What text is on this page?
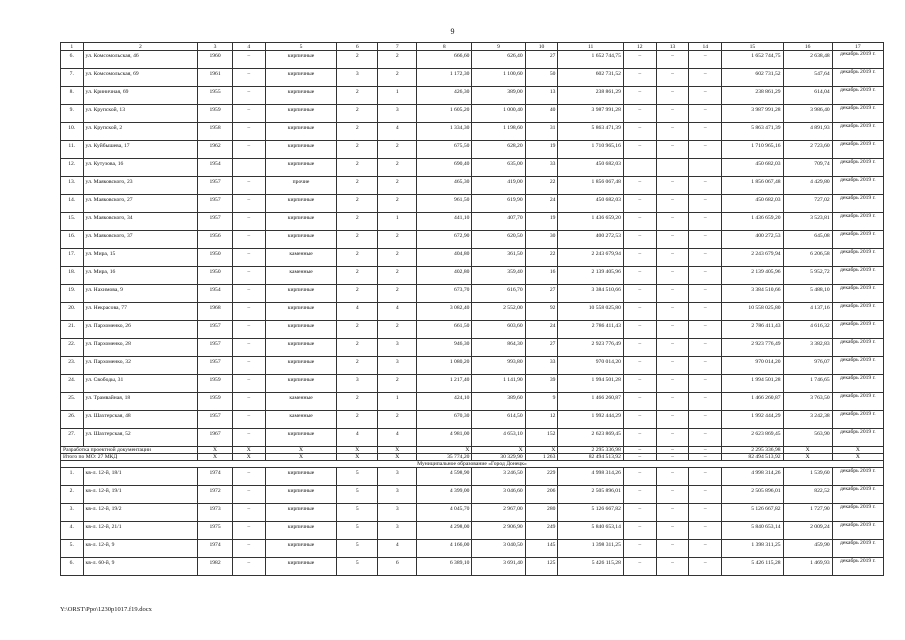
9
1	2	3	4	5	6	7	8	9	10	11	12	13	14	15	16	17
6.	ул. Комсомольская, 46	1960	–	кирпичные	2	2	666,60	626,40	27	1 652 744,75	–	–	–	1 652 744,75	2 638,48	декабрь 2019 г.
7.	ул. Комсомольская, 69	1961	–	кирпичные	3	2	1 172,30	1 100,60	50	602 731,52	–	–	–	602 731,52	547,64	декабрь 2019 г.
8.	ул. Криничная, 69	1955	–	кирпичные	2	1	426,30	389,00	13	238 861,29	–	–	–	238 861,29	614,04	декабрь 2019 г.
9.	ул. Крупской, 13	1959	–	кирпичные	2	3	1 605,20	1 000,40	40	3 987 991,28	–	–	–	3 987 991,28	3 986,40	декабрь 2019 г.
10.	ул. Крупской, 2	1958	–	кирпичные	2	4	1 334,30	1 198,60	31	5 863 471,39	–	–	–	5 863 471,39	4 891,93	декабрь 2019 г.
11.	ул. Куйбышева, 17	1962	–	кирпичные	2	2	675,50	628,20	19	1 710 965,16	–	–	–	1 710 965,16	2 723,60	декабрь 2019 г.
12.	ул. Кутузова, 16	1954		кирпичные	2	2	690,40	635,00	33	450 682,03				450 682,03	709,74	декабрь 2019 г.
13.	ул. Маяковского, 23	1957	–	прочие	2	2	465,30	419,00	22	1 856 067,48	–	–	–	1 856 067,48	4 429,80	декабрь 2019 г.
14.	ул. Маяковского, 27	1957	–	кирпичные	2	2	961,50	619,90	24	450 682,03	–	–	–	450 682,03	727,02	декабрь 2019 г.
15.	ул. Маяковского, 34	1957	–	кирпичные	2	1	441,10	407,70	19	1 436 659,20	–	–	–	1 436 659,20	3 523,81	декабрь 2019 г.
16.	ул. Маяковского, 37	1956	–	кирпичные	2	2	672,90	620,50	30	400 272,53	–	–	–	400 272,53	645,08	декабрь 2019 г.
17.	ул. Мира, 15	1950	–	каменные	2	2	404,80	361,50	22	2 243 679,94	–	–	–	2 243 679,94	6 206,58	декабрь 2019 г.
18.	ул. Мира, 16	1950	–	каменные	2	2	402,80	359,40	16	2 139 405,96	–	–	–	2 139 405,96	5 952,72	декабрь 2019 г.
19.	ул. Нахимова, 9	1954	–	кирпичные	2	2	673,70	616,70	27	3 384 510,66	–	–	–	3 384 510,66	5 488,10	декабрь 2019 г.
20.	ул. Некрасова, 77	1968	–	кирпичные	4	4	3 082,40	2 552,00	92	10 558 025,80	–	–	–	10 558 025,80	4 137,16	декабрь 2019 г.
21.	ул. Пархоменко, 26	1957	–	кирпичные	2	2	661,50	603,60	24	2 786 411,43	–	–	–	2 786 411,43	4 616,32	декабрь 2019 г.
22.	ул. Пархоменко, 28	1957	–	кирпичные	2	3	946,30	864,30	27	2 923 776,49	–	–	–	2 923 776,49	3 382,83	декабрь 2019 г.
23.	ул. Пархоменко, 32	1957	–	кирпичные	2	3	1 080,20	993,80	33	970 014,20	–	–	–	970 014,20	976,07	декабрь 2019 г.
24.	ул. Свободы, 31	1959	–	кирпичные	3	2	1 217,40	1 141,90	39	1 994 501,28	–	–	–	1 994 501,28	1 746,65	декабрь 2019 г.
25.	ул. Трамвайная, 18	1959	–	каменные	2	1	424,10	389,60	9	1 466 260,87	–	–	–	1 466 260,87	3 763,50	декабрь 2019 г.
26.	ул. Шахтерская, 48	1957	–	каменные	2	2	670,30	614,50	12	1 992 444,29	–	–	–	1 992 444,29	3 242,38	декабрь 2019 г.
27.	ул. Шахтерская, 52	1967	–	кирпичные	4	4	4 981,00	4 653,10	152	2 623 869,45	–	–	–	2 623 869,45	563,90	декабрь 2019 г.
Разработка проектной документации		X	X	X	X	X	X	X	X	2 295 336,98	–	–	–	2 295 336,98	X	X
Итого по МО: 27 МКД		X	X	X	X	X	35 774,20	30 329,90	1 263	82 494 513,92	–	–	–	82 494 513,92	X	X
Муниципальное образование «Город Донецк»																
1.	кв-л. 12-й, 18/1	1974	–	кирпичные	5	3	4 598,90	3 246,50	229	4 998 314,26	–	–	–	4 998 314,26	1 539,60	декабрь 2019 г.
2.	кв-л. 12-й, 19/1	1972	–	кирпичные	5	3	4 399,00	3 046,60	206	2 505 896,01	–	–	–	2 505 896,01	822,52	декабрь 2019 г.
3.	кв-л. 12-й, 19/2	1973	–	кирпичные	5	3	4 045,70	2 967,00	280	5 126 667,82	–	–	–	5 126 667,82	1 727,90	декабрь 2019 г.
4.	кв-л. 12-й, 21/1	1975	–	кирпичные	5	3	4 298,00	2 906,90	249	5 840 653,14	–	–	–	5 840 653,14	2 009,24	декабрь 2019 г.
5.	кв-л. 12-й, 9	1974	–	кирпичные	5	4	4 166,00	3 040,50	145	1 398 311,25	–	–	–	1 398 311,25	459,90	декабрь 2019 г.
6.	кв-л. 60-й, 9	1982	–	кирпичные	5	6	6 389,10	3 691,40	125	5 426 115,28	–	–	–	5 426 115,28	1 469,93	декабрь 2019 г.
Y:\ORST\Ppo\1230p1017.f19.docx
